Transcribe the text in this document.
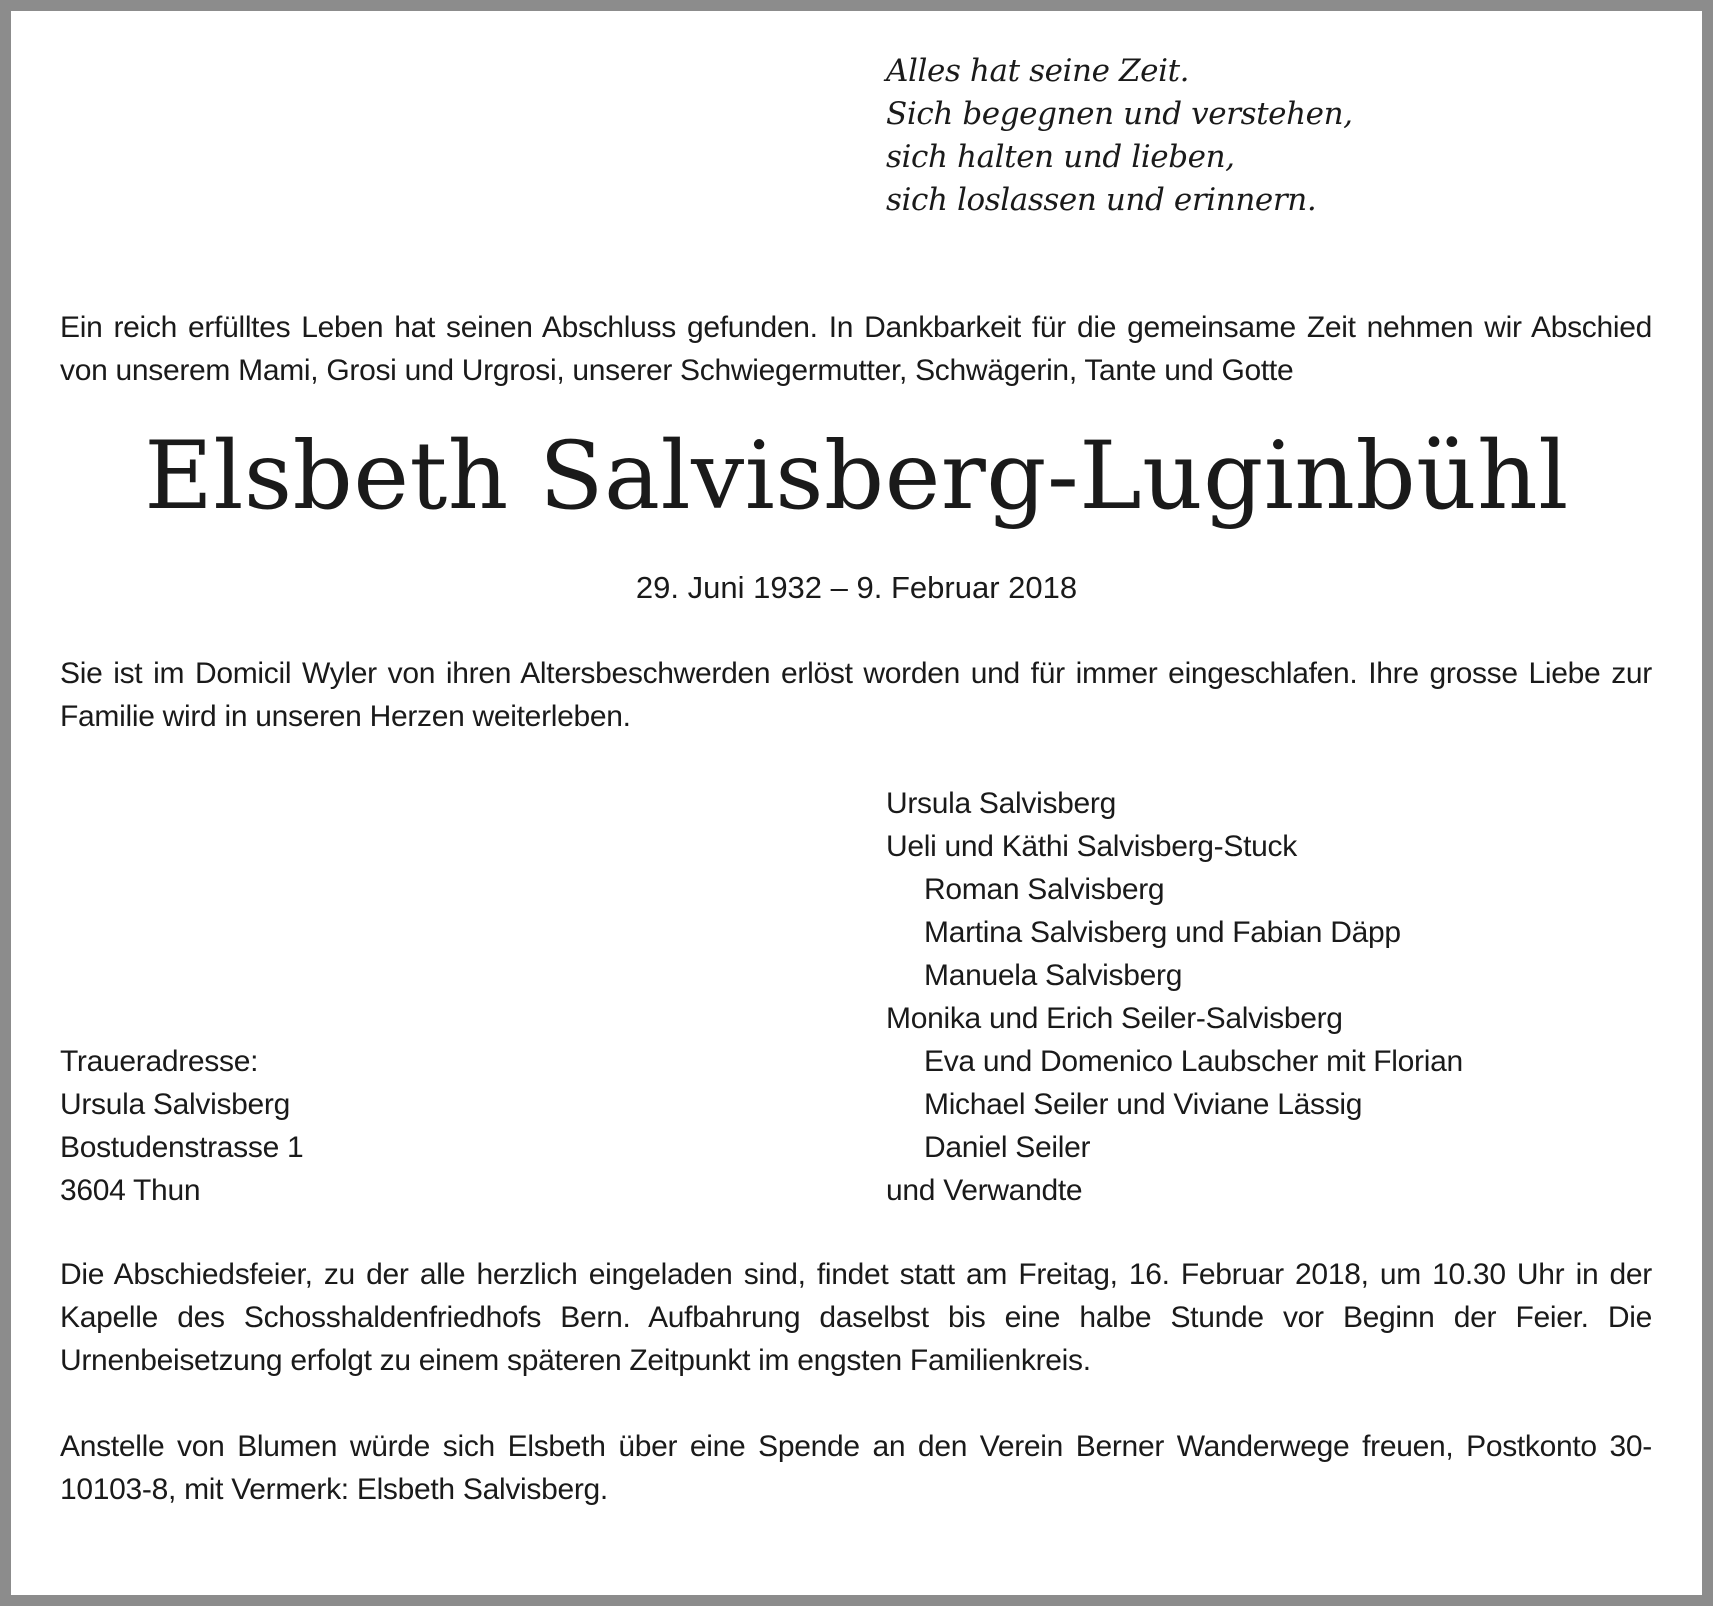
Alles hat seine Zeit.
Sich begegnen und verstehen,
sich halten und lieben,
sich loslassen und erinnern.
Ein reich erfülltes Leben hat seinen Abschluss gefunden. In Dankbarkeit für die gemeinsame Zeit nehmen wir Abschied von unserem Mami, Grosi und Urgrosi, unserer Schwiegermutter, Schwägerin, Tante und Gotte
Elsbeth Salvisberg-Luginbühl
29. Juni 1932 – 9. Februar 2018
Sie ist im Domicil Wyler von ihren Altersbeschwerden erlöst worden und für immer eingeschlafen. Ihre grosse Liebe zur Familie wird in unseren Herzen weiterleben.
Ursula Salvisberg
Ueli und Käthi Salvisberg-Stuck
Roman Salvisberg
Martina Salvisberg und Fabian Däpp
Manuela Salvisberg
Monika und Erich Seiler-Salvisberg
Eva und Domenico Laubscher mit Florian
Michael Seiler und Viviane Lässig
Daniel Seiler
und Verwandte
Traueradresse:
Ursula Salvisberg
Bostudenstrasse 1
3604 Thun
Die Abschiedsfeier, zu der alle herzlich eingeladen sind, findet statt am Freitag, 16. Februar 2018, um 10.30 Uhr in der Kapelle des Schosshaldenfriedhofs Bern. Aufbahrung daselbst bis eine halbe Stunde vor Beginn der Feier. Die Urnenbeisetzung erfolgt zu einem späteren Zeitpunkt im engsten Familienkreis.
Anstelle von Blumen würde sich Elsbeth über eine Spende an den Verein Berner Wanderwege freuen, Postkonto 30-10103-8, mit Vermerk: Elsbeth Salvisberg.
